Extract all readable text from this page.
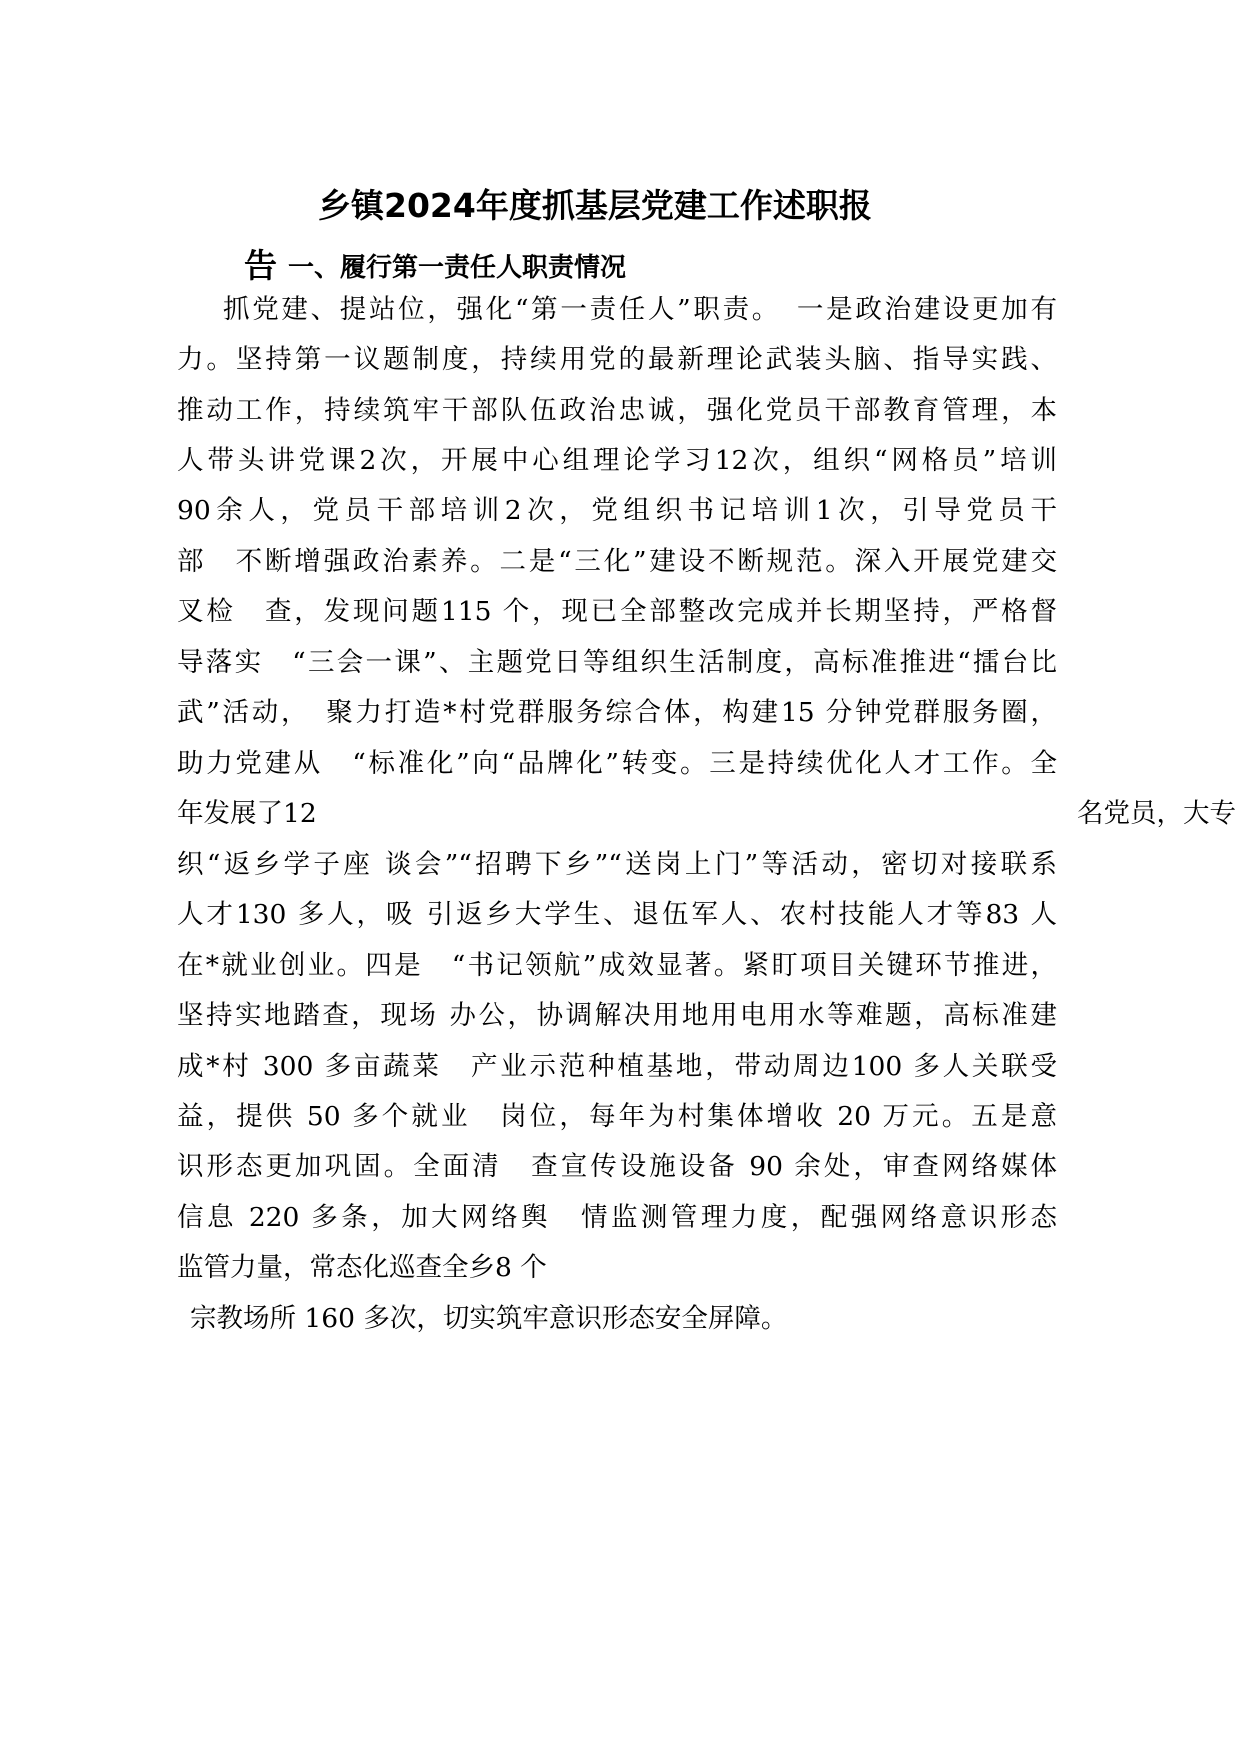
乡镇2024年度抓基层党建工作述职报
告 一、履行第一责任人职责情况
抓党建、提站位，强化“第一责任人”职责。　一是政治建设更加有
力。坚持第一议题制度，持续用党的最新理论武装头脑、指导实践、
推动工作，持续筑牢干部队伍政治忠诚，强化党员干部教育管理，本
人带头讲党课2次，开展中心组理论学习12次，组织“网格员”培训
90余人，党员干部培训2次，党组织书记培训1次，引导党员干
部　不断增强政治素养。二是“三化”建设不断规范。深入开展党建交
叉检　查，发现问题115 个，现已全部整改完成并长期坚持，严格督
导落实　“三会一课”、主题党日等组织生活制度，高标准推进“擂台比
武”活动，　聚力打造*村党群服务综合体，构建15 分钟党群服务圈，
助力党建从　“标准化”向“品牌化”转变。三是持续优化人才工作。全
年发展了12	名党员，大专
织“返乡学子座 谈会”“招聘下乡”“送岗上门”等活动，密切对接联系
人才130 多人，吸 引返乡大学生、退伍军人、农村技能人才等83 人
在*就业创业。四是　“书记领航”成效显著。紧盯项目关键环节推进，
坚持实地踏查，现场 办公，协调解决用地用电用水等难题，高标准建
成*村 300 多亩蔬菜　产业示范种植基地，带动周边100 多人关联受
益，提供 50 多个就业　岗位，每年为村集体增收 20 万元。五是意
识形态更加巩固。全面清　查宣传设施设备 90 余处，审查网络媒体
信息 220 多条，加大网络舆　情监测管理力度，配强网络意识形态
监管力量，常态化巡查全乡8 个
宗教场所 160 多次，切实筑牢意识形态安全屏障。
